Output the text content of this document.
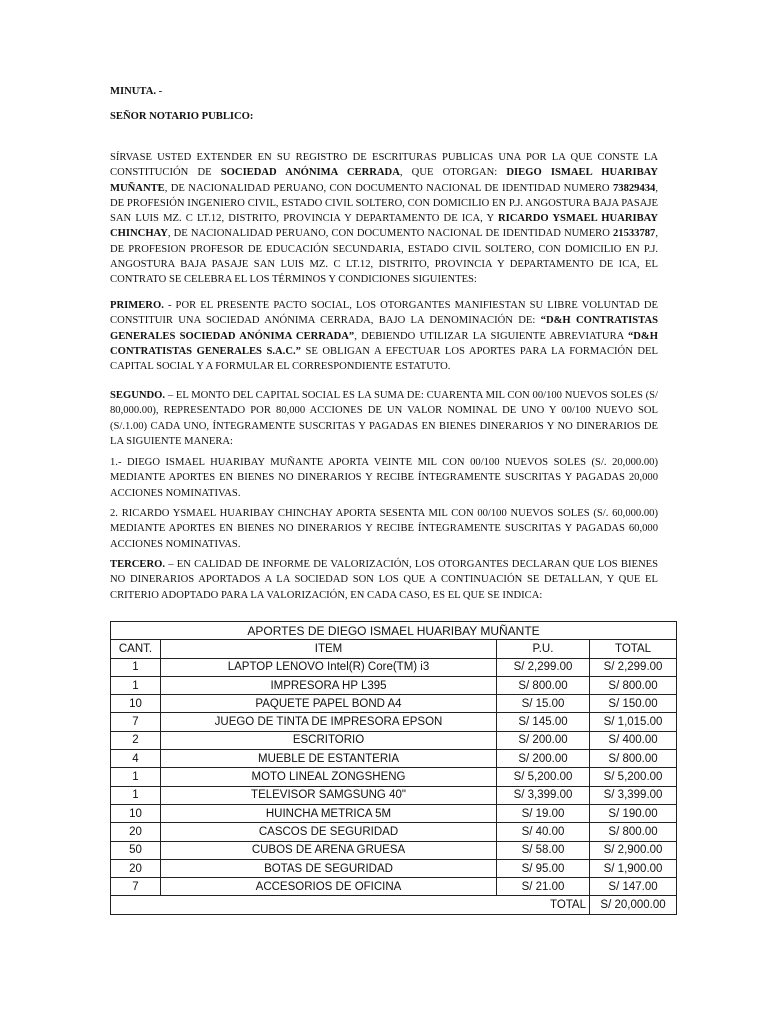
MINUTA. -

SEÑOR NOTARIO PUBLICO:

SÍRVASE USTED EXTENDER EN SU REGISTRO DE ESCRITURAS PUBLICAS UNA POR LA QUE CONSTE LA CONSTITUCIÓN DE SOCIEDAD ANÓNIMA CERRADA, QUE OTORGAN: DIEGO ISMAEL HUARIBAY MUÑANTE, DE NACIONALIDAD PERUANO, CON DOCUMENTO NACIONAL DE IDENTIDAD NUMERO 73829434, DE PROFESIÓN INGENIERO CIVIL, ESTADO CIVIL SOLTERO, CON DOMICILIO EN P.J. ANGOSTURA BAJA PASAJE SAN LUIS MZ. C LT.12, DISTRITO, PROVINCIA Y DEPARTAMENTO DE ICA, Y RICARDO YSMAEL HUARIBAY CHINCHAY, DE NACIONALIDAD PERUANO, CON DOCUMENTO NACIONAL DE IDENTIDAD NUMERO 21533787, DE PROFESION PROFESOR DE EDUCACIÓN SECUNDARIA, ESTADO CIVIL SOLTERO, CON DOMICILIO EN P.J. ANGOSTURA BAJA PASAJE SAN LUIS MZ. C LT.12, DISTRITO, PROVINCIA Y DEPARTAMENTO DE ICA, EL CONTRATO SE CELEBRA EL LOS TÉRMINOS Y CONDICIONES SIGUIENTES:

PRIMERO. - POR EL PRESENTE PACTO SOCIAL, LOS OTORGANTES MANIFIESTAN SU LIBRE VOLUNTAD DE CONSTITUIR UNA SOCIEDAD ANÓNIMA CERRADA, BAJO LA DENOMINACIÓN DE: “D&H CONTRATISTAS GENERALES SOCIEDAD ANÓNIMA CERRADA”, DEBIENDO UTILIZAR LA SIGUIENTE ABREVIATURA “D&H CONTRATISTAS GENERALES S.A.C.” SE OBLIGAN A EFECTUAR LOS APORTES PARA LA FORMACIÓN DEL CAPITAL SOCIAL Y A FORMULAR EL CORRESPONDIENTE ESTATUTO.

SEGUNDO. – EL MONTO DEL CAPITAL SOCIAL ES LA SUMA DE: CUARENTA MIL CON 00/100 NUEVOS SOLES (S/ 80,000.00), REPRESENTADO POR 80,000 ACCIONES DE UN VALOR NOMINAL DE UNO Y 00/100 NUEVO SOL (S/.1.00) CADA UNO, ÍNTEGRAMENTE SUSCRITAS Y PAGADAS EN BIENES DINERARIOS Y NO DINERARIOS DE LA SIGUIENTE MANERA:

1.- DIEGO ISMAEL HUARIBAY MUÑANTE APORTA VEINTE MIL CON 00/100 NUEVOS SOLES (S/. 20,000.00) MEDIANTE APORTES EN BIENES NO DINERARIOS Y RECIBE ÍNTEGRAMENTE SUSCRITAS Y PAGADAS 20,000 ACCIONES NOMINATIVAS.

2. RICARDO YSMAEL HUARIBAY CHINCHAY APORTA SESENTA MIL CON 00/100 NUEVOS SOLES (S/. 60,000.00) MEDIANTE APORTES EN BIENES NO DINERARIOS Y RECIBE ÍNTEGRAMENTE SUSCRITAS Y PAGADAS 60,000 ACCIONES NOMINATIVAS.

TERCERO. – EN CALIDAD DE INFORME DE VALORIZACIÓN, LOS OTORGANTES DECLARAN QUE LOS BIENES NO DINERARIOS APORTADOS A LA SOCIEDAD SON LOS QUE A CONTINUACIÓN SE DETALLAN, Y QUE EL CRITERIO ADOPTADO PARA LA VALORIZACIÓN, EN CADA CASO, ES EL QUE SE INDICA:

APORTES DE DIEGO ISMAEL HUARIBAY MUÑANTE			
CANT.	ITEM	P.U.	TOTAL
1	LAPTOP LENOVO Intel(R) Core(TM) i3	S/ 2,299.00	S/ 2,299.00
1	IMPRESORA HP L395	S/ 800.00	S/ 800.00
10	PAQUETE PAPEL BOND A4	S/ 15.00	S/ 150.00
7	JUEGO DE TINTA DE IMPRESORA EPSON	S/ 145.00	S/ 1,015.00
2	ESCRITORIO	S/ 200.00	S/ 400.00
4	MUEBLE DE ESTANTERIA	S/ 200.00	S/ 800.00
1	MOTO LINEAL ZONGSHENG	S/ 5,200.00	S/ 5,200.00
1	TELEVISOR SAMGSUNG 40"	S/ 3,399.00	S/ 3,399.00
10	HUINCHA METRICA 5M	S/ 19.00	S/ 190.00
20	CASCOS DE SEGURIDAD	S/ 40.00	S/ 800.00
50	CUBOS DE ARENA GRUESA	S/ 58.00	S/ 2,900.00
20	BOTAS DE SEGURIDAD	S/ 95.00	S/ 1,900.00
7	ACCESORIOS DE OFICINA	S/ 21.00	S/ 147.00
TOTAL			S/ 20,000.00
